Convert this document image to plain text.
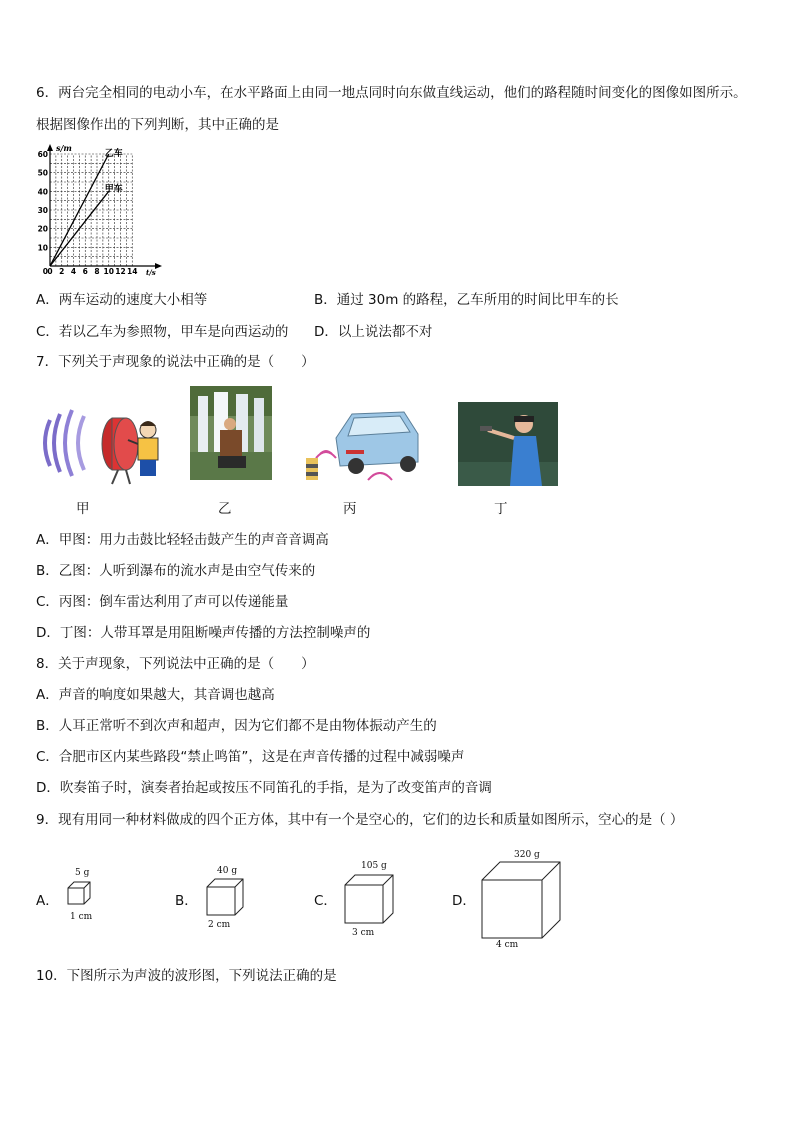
6．两台完全相同的电动小车，在水平路面上由同一地点同时向东做直线运动，他们的路程随时间变化的图像如图所示。
根据图像作出的下列判断，其中正确的是
s/m
t/s
0 2 4 6 8 10 12 14
10
20
30
40
50
60
0
乙车
甲车
A．两车运动的速度大小相等	B．通过 30m 的路程，乙车所用的时间比甲车的长
C．若以乙车为参照物，甲车是向西运动的 D．以上说法都不对
7．下列关于声现象的说法中正确的是（　　）
甲	乙	丙	丁
A．甲图：用力击鼓比轻轻击鼓产生的声音音调高
B．乙图：人听到瀑布的流水声是由空气传来的
C．丙图：倒车雷达利用了声可以传递能量
D．丁图：人带耳罩是用阻断噪声传播的方法控制噪声的
8．关于声现象，下列说法中正确的是（　　）
A．声音的响度如果越大，其音调也越高
B．人耳正常听不到次声和超声，因为它们都不是由物体振动产生的
C．合肥市区内某些路段“禁止鸣笛”，这是在声音传播的过程中减弱噪声
D．吹奏笛子时，演奏者抬起或按压不同笛孔的手指，是为了改变笛声的音调
9．现有用同一种材料做成的四个正方体，其中有一个是空心的，它们的边长和质量如图所示，空心的是（ ）
A．
5 g
1 cm
B．
40 g
2 cm
C．
105 g
3 cm
D．
320 g
4 cm
10．下图所示为声波的波形图，下列说法正确的是
